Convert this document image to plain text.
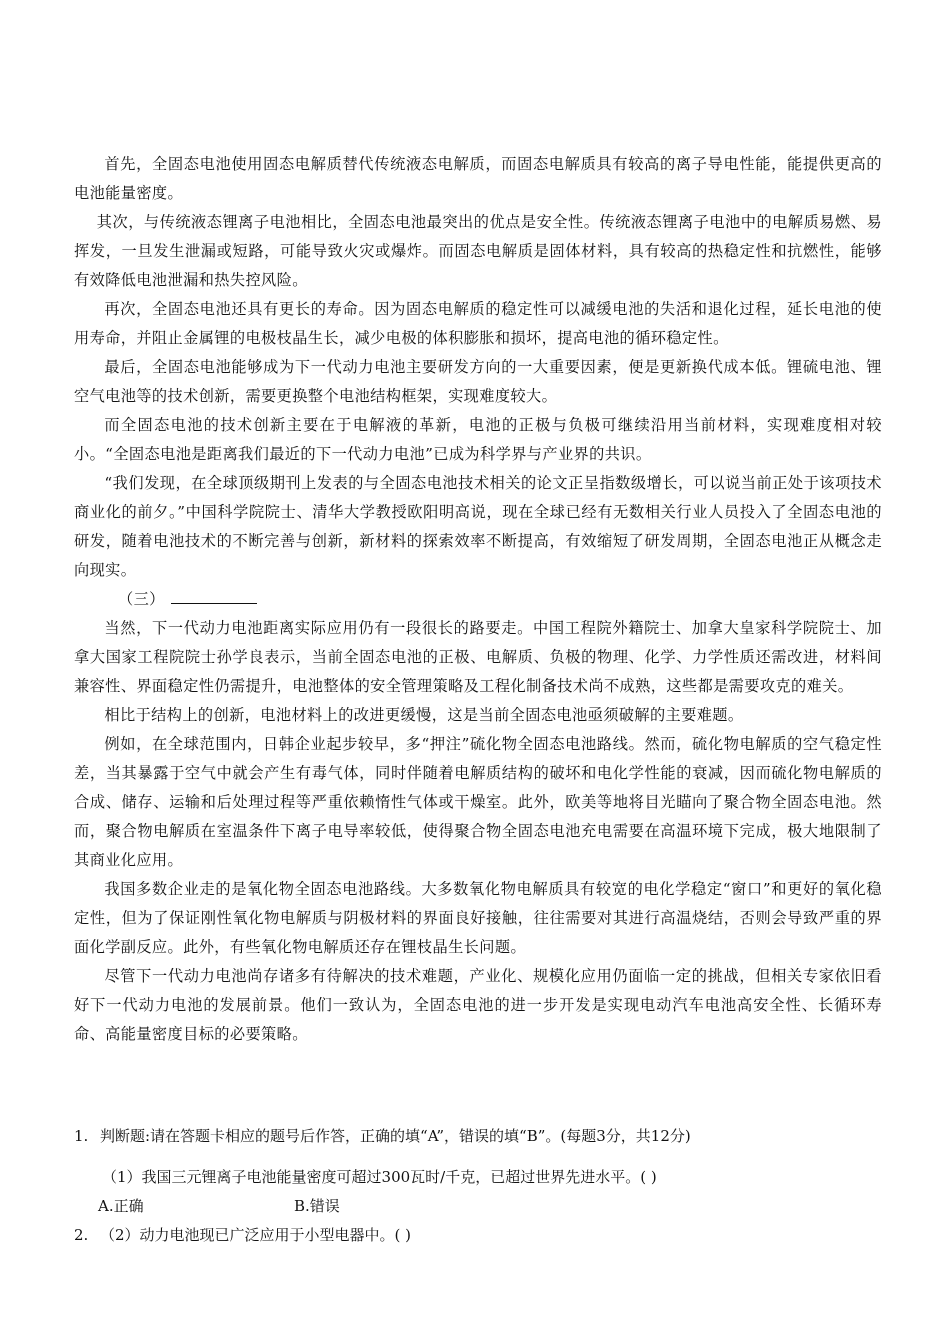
首先，全固态电池使用固态电解质替代传统液态电解质，而固态电解质具有较高的离子导电性能，能提供更高的电池能量密度。

其次，与传统液态锂离子电池相比，全固态电池最突出的优点是安全性。传统液态锂离子电池中的电解质易燃、易挥发，一旦发生泄漏或短路，可能导致火灾或爆炸。而固态电解质是固体材料，具有较高的热稳定性和抗燃性，能够有效降低电池泄漏和热失控风险。

再次，全固态电池还具有更长的寿命。因为固态电解质的稳定性可以减缓电池的失活和退化过程，延长电池的使用寿命，并阻止金属锂的电极枝晶生长，减少电极的体积膨胀和损坏，提高电池的循环稳定性。

最后，全固态电池能够成为下一代动力电池主要研发方向的一大重要因素，便是更新换代成本低。锂硫电池、锂空气电池等的技术创新，需要更换整个电池结构框架，实现难度较大。

而全固态电池的技术创新主要在于电解液的革新，电池的正极与负极可继续沿用当前材料，实现难度相对较小。“全固态电池是距离我们最近的下一代动力电池”已成为科学界与产业界的共识。

“我们发现，在全球顶级期刊上发表的与全固态电池技术相关的论文正呈指数级增长，可以说当前正处于该项技术商业化的前夕。”中国科学院院士、清华大学教授欧阳明高说，现在全球已经有无数相关行业人员投入了全固态电池的研发，随着电池技术的不断完善与创新，新材料的探索效率不断提高，有效缩短了研发周期，全固态电池正从概念走向现实。

（三）

当然，下一代动力电池距离实际应用仍有一段很长的路要走。中国工程院外籍院士、加拿大皇家科学院院士、加拿大国家工程院院士孙学良表示，当前全固态电池的正极、电解质、负极的物理、化学、力学性质还需改进，材料间兼容性、界面稳定性仍需提升，电池整体的安全管理策略及工程化制备技术尚不成熟，这些都是需要攻克的难关。

相比于结构上的创新，电池材料上的改进更缓慢，这是当前全固态电池亟须破解的主要难题。

例如，在全球范围内，日韩企业起步较早，多“押注”硫化物全固态电池路线。然而，硫化物电解质的空气稳定性差，当其暴露于空气中就会产生有毒气体，同时伴随着电解质结构的破坏和电化学性能的衰减，因而硫化物电解质的合成、储存、运输和后处理过程等严重依赖惰性气体或干燥室。此外，欧美等地将目光瞄向了聚合物全固态电池。然而，聚合物电解质在室温条件下离子电导率较低，使得聚合物全固态电池充电需要在高温环境下完成，极大地限制了其商业化应用。

我国多数企业走的是氧化物全固态电池路线。大多数氧化物电解质具有较宽的电化学稳定“窗口”和更好的氧化稳定性，但为了保证刚性氧化物电解质与阴极材料的界面良好接触，往往需要对其进行高温烧结，否则会导致严重的界面化学副反应。此外，有些氧化物电解质还存在锂枝晶生长问题。

尽管下一代动力电池尚存诸多有待解决的技术难题，产业化、规模化应用仍面临一定的挑战，但相关专家依旧看好下一代动力电池的发展前景。他们一致认为，全固态电池的进一步开发是实现电动汽车电池高安全性、长循环寿命、高能量密度目标的必要策略。

1. 判断题:请在答题卡相应的题号后作答，正确的填“A”，错误的填“B”。(每题3分，共12分)

（1）我国三元锂离子电池能量密度可超过300瓦时/千克，已超过世界先进水平。( )

A.正确	B.错误

2. （2）动力电池现已广泛应用于小型电器中。( )
